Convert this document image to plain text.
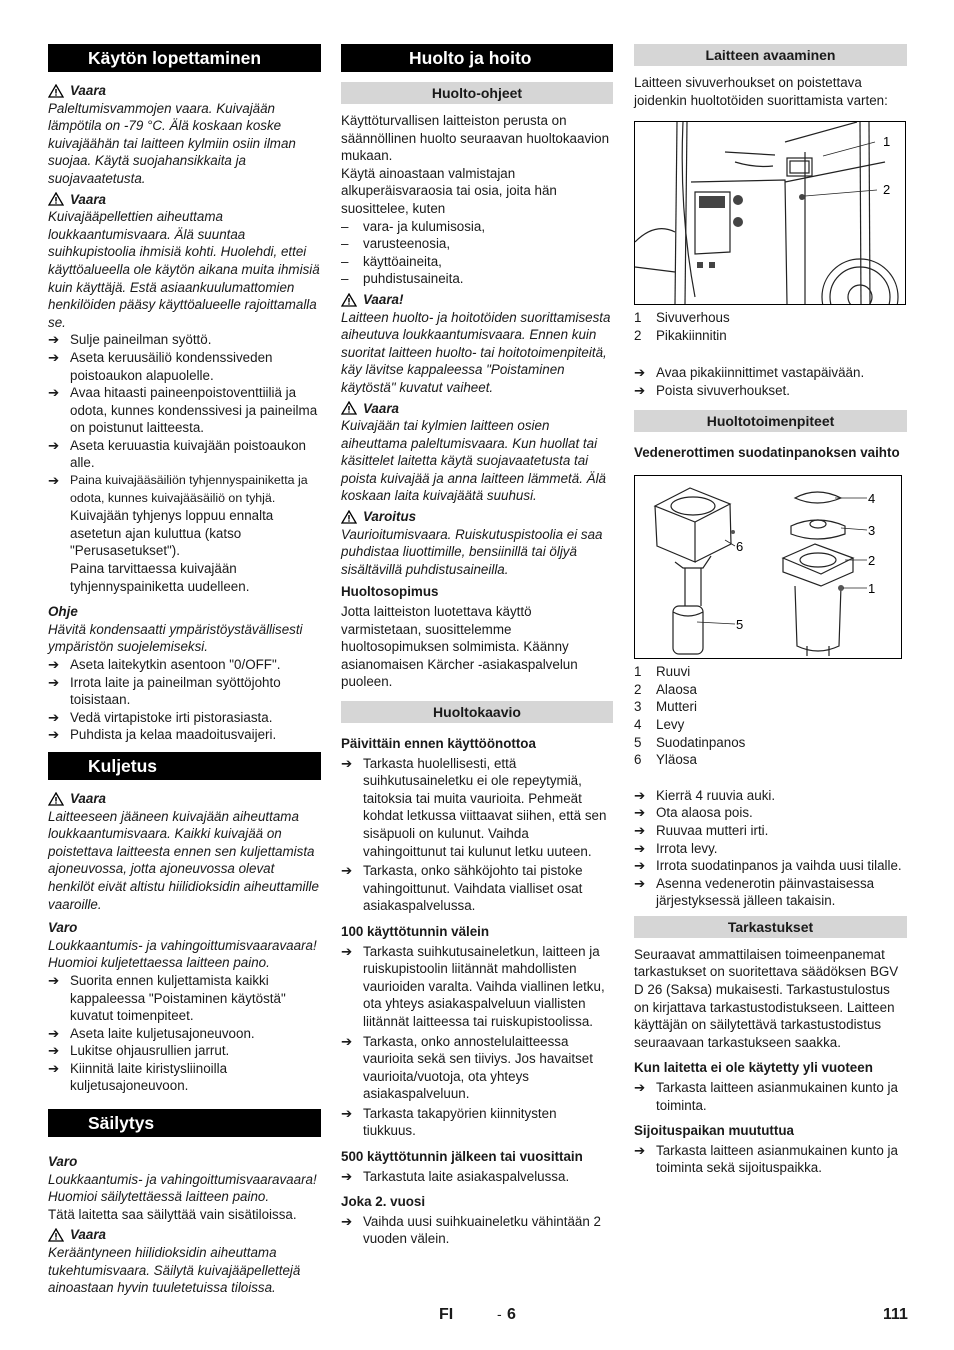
Käytön lopettaminen
Vaara

Paleltumisvammojen vaara. Kuivajään lämpötila on -79 °C. Älä koskaan koske kuivajäähän tai laitteen kylmiin osiin ilman suojaa. Käytä suojahansikkaita ja suojavaatetusta.

Vaara

Kuivajääpellettien aiheuttama loukkaantumisvaara. Älä suuntaa suihkupistoolia ihmisiä kohti. Huolehdi, ettei käyttöalueella ole käytön aikana muita ihmisiä kuin käyttäjä. Estä asiaankuulumattomien henkilöiden pääsy käyttöalueelle rajoittamalla se.

➔ Sulje paineilman syöttö.
➔ Aseta keruusäiliö kondenssiveden poistoaukon alapuolelle.
➔ Avaa hitaasti paineenpoistoventtiiliä ja odota, kunnes kondenssivesi ja paineilma on poistunut laitteesta.
➔ Aseta keruuastia kuivajään poistoaukon alle.
➔ Paina kuivajääsäiliön tyhjennyspainiketta ja odota, kunnes kuivajääsäiliö on tyhjä.

Kuivajään tyhjenys loppuu ennalta asetetun ajan kuluttua (katso "Perusasetukset").

Paina tarvittaessa kuivajään tyhjennyspainiketta uudelleen.

Ohje

Hävitä kondensaatti ympäristöystävällisesti ympäristön suojelemiseksi.

➔ Aseta laitekytkin asentoon "0/OFF".
➔ Irrota laite ja paineilman syöttöjohto toisistaan.
➔ Vedä virtapistoke irti pistorasiasta.
➔ Puhdista ja kelaa maadoitusvaijeri.
Kuljetus
Vaara

Laitteeseen jääneen kuivajään aiheuttama loukkaantumisvaara. Kaikki kuivajää on poistettava laitteesta ennen sen kuljettamista ajoneuvossa, jotta ajoneuvossa olevat henkilöt eivät altistu hiilidioksidin aiheuttamille vaaroille.

Varo

Loukkaantumis- ja vahingoittumisvaaravaara! Huomioi kuljetettaessa laitteen paino.

➔ Suorita ennen kuljettamista kaikki kappaleessa "Poistaminen käytöstä" kuvatut toimenpiteet.
➔ Aseta laite kuljetusajoneuvoon.
➔ Lukitse ohjausrullien jarrut.
➔ Kiinnitä laite kiristysliinoilla kuljetusajoneuvoon.
Säilytys
Varo

Loukkaantumis- ja vahingoittumisvaaravaara! Huomioi säilytettäessä laitteen paino.

Tätä laitetta saa säilyttää vain sisätiloissa.

Vaara

Kerääntyneen hiilidioksidin aiheuttama tukehtumisvaara. Säilytä kuivajääpellettejä ainoastaan hyvin tuuletetuissa tiloissa.

Huolto ja hoito
Huolto-ohjeet

Käyttöturvallisen laitteiston perusta on säännöllinen huolto seuraavan huoltokaavion mukaan.

Käytä ainoastaan valmistajan alkuperäisvaraosia tai osia, joita hän suosittelee, kuten

–	vara- ja kulumisosia,
–	varusteenosia,
–	käyttöaineita,
–	puhdistusaineita.
Vaara!

Laitteen huolto- ja hoitotöiden suorittamisesta aiheutuva loukkaantumisvaara. Ennen kuin suoritat laitteen huolto- tai hoitotoimenpiteitä, käy lävitse kappaleessa "Poistaminen käytöstä" kuvatut vaiheet.

Vaara

Kuivajään tai kylmien laitteen osien aiheuttama paleltumisvaara. Kun huollat tai käsittelet laitetta käytä suojavaatetusta tai poista kuivajää ja anna laitteen lämmetä. Älä koskaan laita kuivajäätä suuhusi.

Varoitus

Vaurioitumisvaara. Ruiskutuspistoolia ei saa puhdistaa liuottimille, bensiinillä tai öljyä sisältävillä puhdistusaineilla.

Huoltosopimus

Jotta laitteiston luotettava käyttö varmistetaan, suosittelemme huoltosopimuksen solmimista. Käänny asianomaisen Kärcher -asiakaspalvelun puoleen.

Huoltokaavio
Päivittäin ennen käyttöönottoa
➔ Tarkasta huolellisesti, että suihkutusaineletku ei ole repeytymiä, taitoksia tai muita vaurioita. Pehmeät kohdat letkussa viittaavat siihen, että sen sisäpuoli on kulunut. Vaihda vahingoittunut tai kulunut letku uuteen.
➔ Tarkasta, onko sähköjohto tai pistoke vahingoittunut. Vaihdata vialliset osat asiakaspalvelussa.
100 käyttötunnin välein
➔ Tarkasta suihkutusaineletkun, laitteen ja ruiskupistoolin liitännät mahdollisten vaurioiden varalta. Vaihda viallinen letku, ota yhteys asiakaspalveluun viallisten liitännät laitteessa tai ruiskupistoolissa.
➔ Tarkasta, onko annostelulaitteessa vaurioita sekä sen tiiviys. Jos havaitset vaurioita/vuotoja, ota yhteys asiakaspalveluun.
➔ Tarkasta takapyörien kiinnitysten tiukkuus.
500 käyttötunnin jälkeen tai vuosittain
➔ Tarkastuta laite asiakaspalvelussa.
Joka 2. vuosi
➔ Vaihda uusi suihkuaineletku vähintään 2 vuoden välein.
Laitteen avaaminen

Laitteen sivuverhoukset on poistettava joidenkin huoltotöiden suorittamista varten:

1
2
1	Sivuverhous
2	Pikakiinnitin
➔ Avaa pikakiinnittimet vastapäivään.
➔ Poista sivuverhoukset.
Huoltotoimenpiteet
Vedenerottimen suodatinpanoksen vaihto
4
3
2
1
6
5
1	Ruuvi
2	Alaosa
3	Mutteri
4	Levy
5	Suodatinpanos
6	Yläosa
➔ Kierrä 4 ruuvia auki.
➔ Ota alaosa pois.
➔ Ruuvaa mutteri irti.
➔ Irrota levy.
➔ Irrota suodatinpanos ja vaihda uusi tilalle.
➔ Asenna vedenerotin päinvastaisessa järjestyksessä jälleen takaisin.
Tarkastukset

Seuraavat ammattilaisen toimeenpanemat tarkastukset on suoritettava säädöksen BGV D 26 (Saksa) mukaisesti. Tarkastustulostus on kirjattava tarkastustodistukseen. Laitteen käyttäjän on säilytettävä tarkastustodistus seuraavaan tarkastukseen saakka.

Kun laitetta ei ole käytetty yli vuoteen
➔ Tarkasta laitteen asianmukainen kunto ja toiminta.
Sijoituspaikan muututtua
➔ Tarkasta laitteen asianmukainen kunto ja toiminta sekä sijoituspaikka.
FI	- 6	111
